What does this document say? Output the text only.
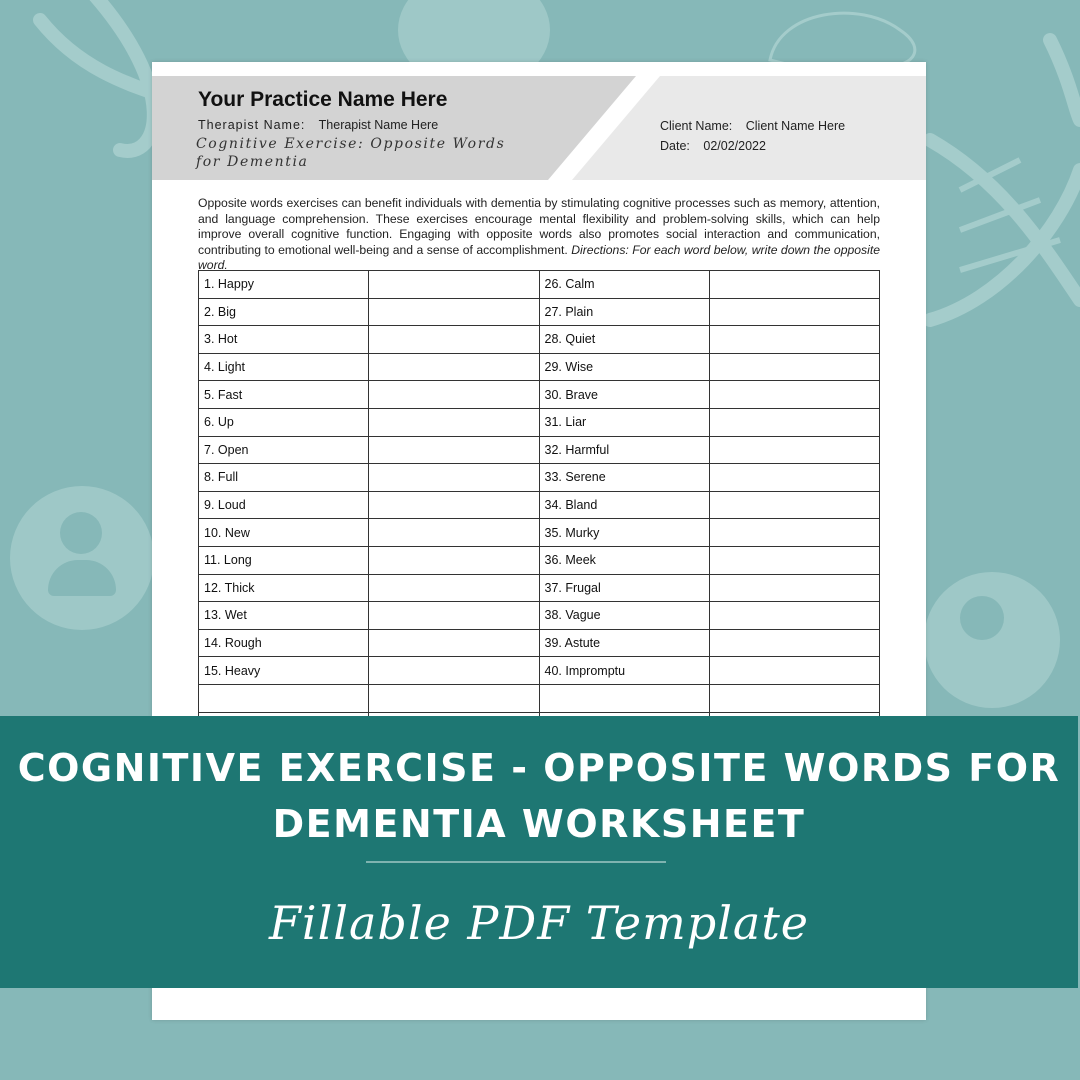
Your Practice Name Here
Therapist Name: Therapist Name Here
Cognitive Exercise: Opposite Words for Dementia
Client Name: Client Name Here
Date: 02/02/2022
Opposite words exercises can benefit individuals with dementia by stimulating cognitive processes such as memory, attention, and language comprehension. These exercises encourage mental flexibility and problem-solving skills, which can help improve overall cognitive function. Engaging with opposite words also promotes social interaction and communication, contributing to emotional well-being and a sense of accomplishment. Directions: For each word below, write down the opposite word.
1. Happy		26. Calm	
2. Big		27. Plain	
3. Hot		28. Quiet	
4. Light		29. Wise	
5. Fast		30. Brave	
6. Up		31. Liar	
7. Open		32. Harmful	
8. Full		33. Serene	
9. Loud		34. Bland	
10. New		35. Murky	
11. Long		36. Meek	
12. Thick		37. Frugal	
13. Wet		38. Vague	
14. Rough		39. Astute	
15. Heavy		40. Impromptu	

COGNITIVE EXERCISE - OPPOSITE WORDS FOR DEMENTIA WORKSHEET
Fillable PDF Template
